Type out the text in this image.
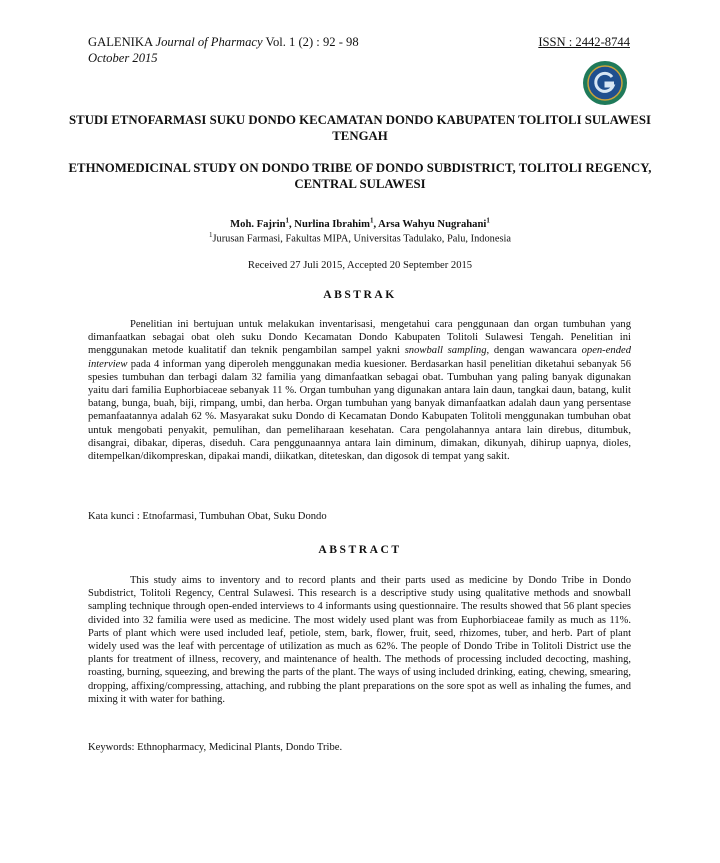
GALENIKA Journal of Pharmacy Vol. 1 (2) : 92 - 98
October 2015
ISSN : 2442-8744
STUDI ETNOFARMASI SUKU DONDO KECAMATAN DONDO KABUPATEN TOLITOLI SULAWESI TENGAH
ETHNOMEDICINAL STUDY ON DONDO TRIBE OF DONDO SUBDISTRICT, TOLITOLI REGENCY, CENTRAL SULAWESI
Moh. Fajrin$^1$, Nurlina Ibrahim$^1$, Arsa Wahyu Nugrahani$^1$
$^1$Jurusan Farmasi, Fakultas MIPA, Universitas Tadulako, Palu, Indonesia
Received 27 Juli 2015, Accepted 20 September 2015
ABSTRAK
Penelitian ini bertujuan untuk melakukan inventarisasi, mengetahui cara penggunaan dan organ tumbuhan yang dimanfaatkan sebagai obat oleh suku Dondo Kecamatan Dondo Kabupaten Tolitoli Sulawesi Tengah. Penelitian ini menggunakan metode kualitatif dan teknik pengambilan sampel yakni snowball sampling, dengan wawancara open-ended interview pada 4 informan yang diperoleh menggunakan media kuesioner. Berdasarkan hasil penelitian diketahui sebanyak 56 spesies tumbuhan dan terbagi dalam 32 familia yang dimanfaatkan sebagai obat. Tumbuhan yang paling banyak digunakan yaitu dari familia Euphorbiaceae sebanyak 11 %. Organ tumbuhan yang digunakan antara lain daun, tangkai daun, batang, kulit batang, bunga, buah, biji, rimpang, umbi, dan herba. Organ tumbuhan yang banyak dimanfaatkan adalah daun yang persentase pemanfaatannya adalah 62 %. Masyarakat suku Dondo di Kecamatan Dondo Kabupaten Tolitoli menggunakan tumbuhan obat untuk mengobati penyakit, pemulihan, dan pemeliharaan kesehatan. Cara pengolahannya antara lain direbus, ditumbuk, disangrai, dibakar, diperas, diseduh. Cara penggunaannya antara lain diminum, dimakan, dikunyah, dihirup uapnya, dioles, ditempelkan/dikompreskan, dipakai mandi, diikatkan, diteteskan, dan digosok di tempat yang sakit.
Kata kunci : Etnofarmasi, Tumbuhan Obat, Suku Dondo
ABSTRACT
This study aims to inventory and to record plants and their parts used as medicine by Dondo Tribe in Dondo Subdistrict, Tolitoli Regency, Central Sulawesi. This research is a descriptive study using qualitative methods and snowball sampling technique through open-ended interviews to 4 informants using questionnaire. The results showed that 56 plant species divided into 32 familia were used as medicine. The most widely used plant was from Euphorbiaceae family as much as 11%. Parts of plant which were used included leaf, petiole, stem, bark, flower, fruit, seed, rhizomes, tuber, and herb. Part of plant widely used was the leaf with percentage of utilization as much as 62%. The people of Dondo Tribe in Tolitoli District use the plants for treatment of illness, recovery, and maintenance of health. The methods of processing included decocting, mashing, roasting, burning, squeezing, and brewing the parts of the plant. The ways of using included drinking, eating, chewing, smearing, dropping, affixing/compressing, attaching, and rubbing the plant preparations on the sore spot as well as inhaling the fumes, and mixing it with water for bathing.
Keywords: Ethnopharmacy, Medicinal Plants, Dondo Tribe.
